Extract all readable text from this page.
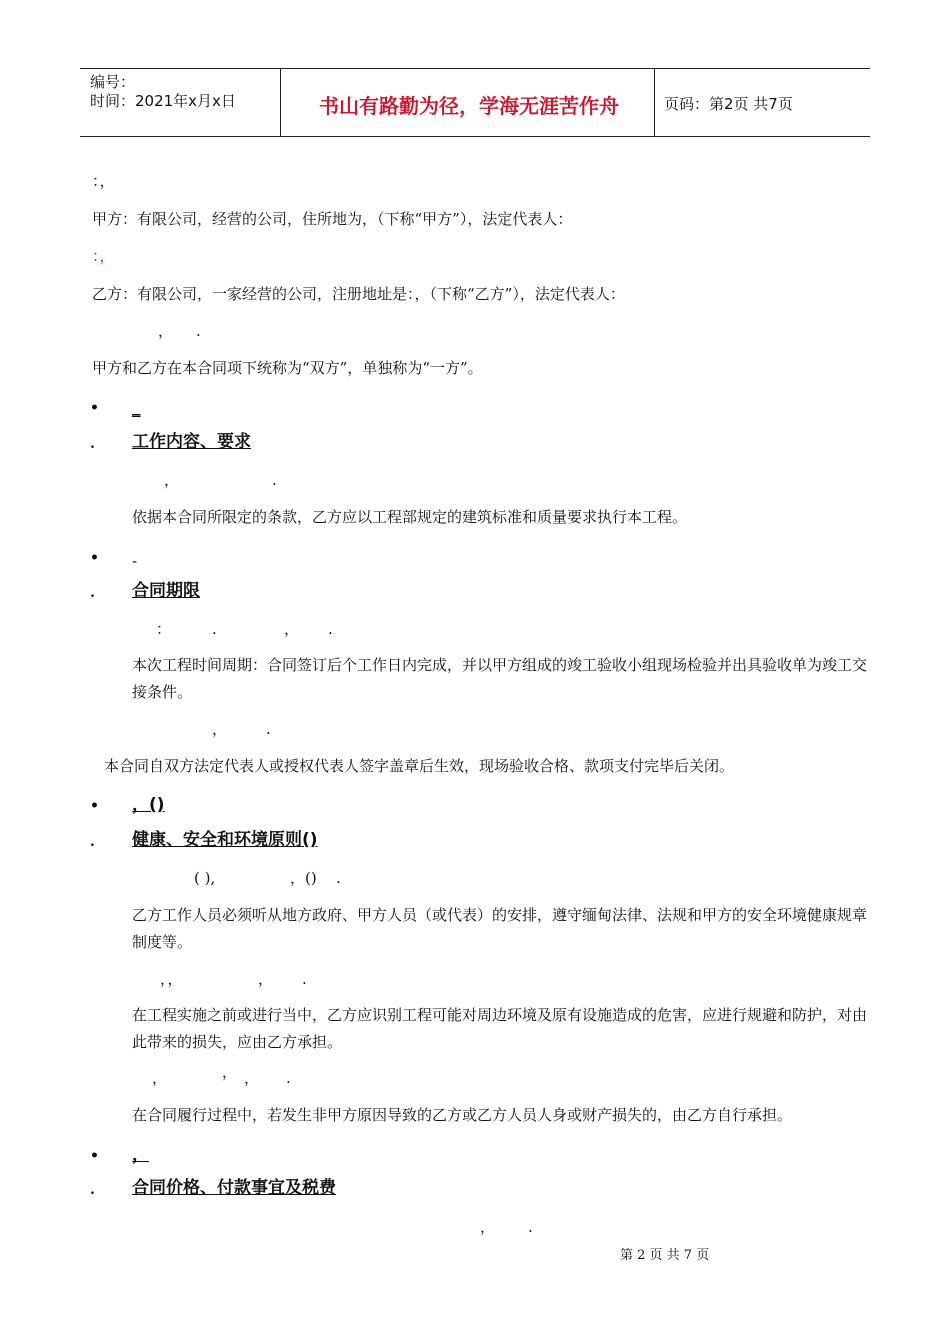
编号：
时间：2021年x月x日	书山有路勤为径，学海无涯苦作舟	页码：第2页 共7页
：，
甲方：有限公司，经营的公司，住所地为，（下称“甲方”），法定代表人：
：，
乙方：有限公司，一家经营的公司，注册地址是：，（下称“乙方”），法定代表人：
， .
甲方和乙方在本合同项下统称为“双方”，单独称为“一方”。
• _
. 工作内容、要求
，	.
依据本合同所限定的条款，乙方应以工程部规定的建筑标准和质量要求执行本工程。
• -
. 合同期限
：	.	， .
本次工程时间周期：合同签订后个工作日内完成，并以甲方组成的竣工验收小组现场检验并出具验收单为竣工交接条件。
，	.
本合同自双方法定代表人或授权代表人签字盖章后生效，现场验收合格、款项支付完毕后关闭。
• ，()
. 健康、安全和环境原则()
( ),	，() .
乙方工作人员必须听从地方政府、甲方人员（或代表）的安排，遵守缅甸法律、法规和甲方的安全环境健康规章制度等。
，，	， .
在工程实施之前或进行当中，乙方应识别工程可能对周边环境及原有设施造成的危害，应进行规避和防护，对由此带来的损失，应由乙方承担。
，	， ， .
在合同履行过程中，若发生非甲方原因导致的乙方或乙方人员人身或财产损失的，由乙方自行承担。
• ，
. 合同价格、付款事宜及税费
， .
第 2 页 共 7 页
